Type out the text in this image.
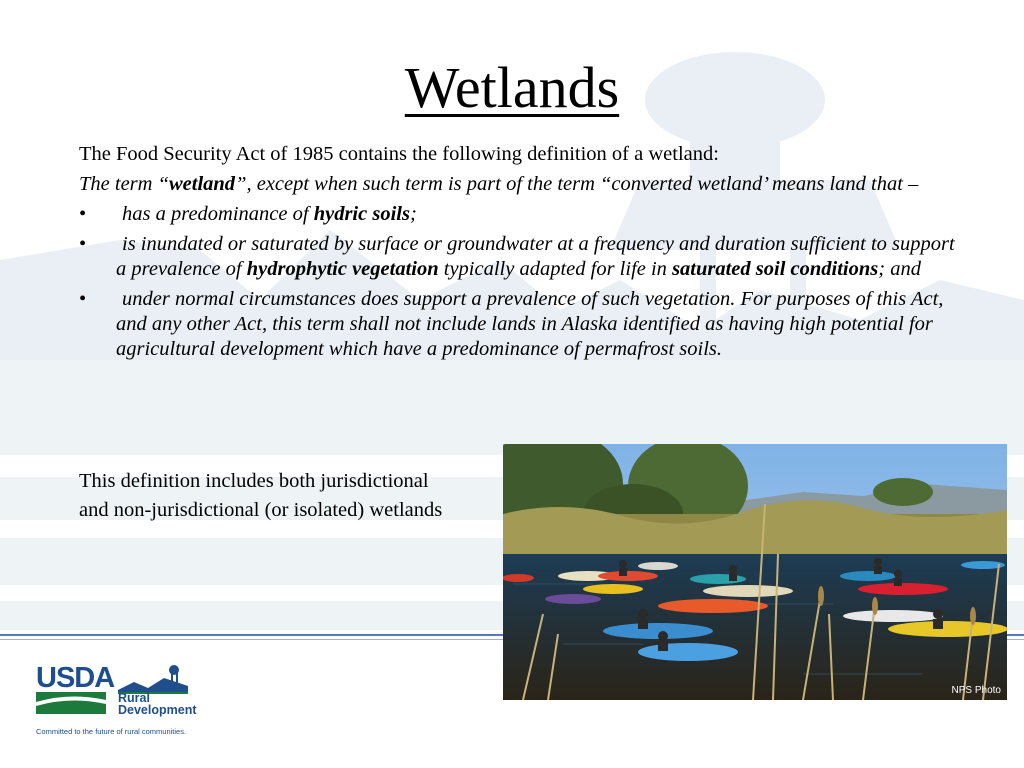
Wetlands

The Food Security Act of 1985 contains the following definition of a wetland:

The term “wetland”, except when such term is part of the term “converted wetland’ means land that –

• has a predominance of hydric soils;
• is inundated or saturated by surface or groundwater at a frequency and duration sufficient to support a prevalence of hydrophytic vegetation typically adapted for life in saturated soil conditions; and
• under normal circumstances does support a prevalence of such vegetation. For purposes of this Act, and any other Act, this term shall not include lands in Alaska identified as having high potential for agricultural development which have a predominance of permafrost soils.
This definition includes both jurisdictional
and non-jurisdictional (or isolated) wetlands
NPS Photo
USDA
Rural
Development
Committed to the future of rural communities.
